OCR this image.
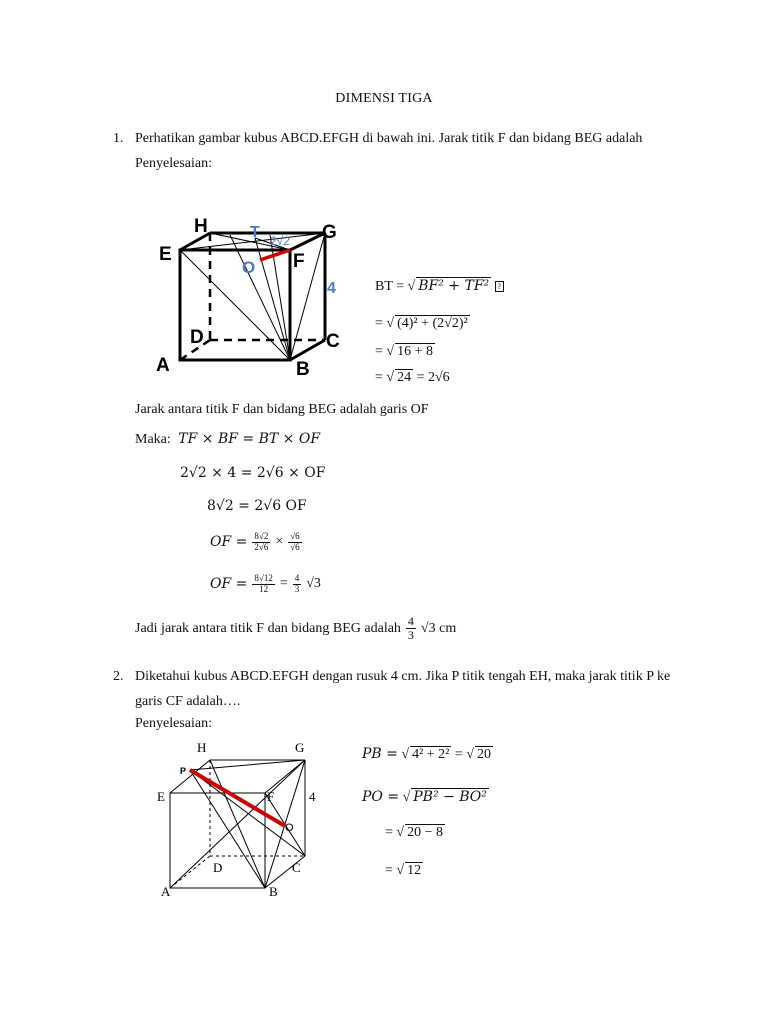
DIMENSI TIGA
1. Perhatikan gambar kubus ABCD.EFGH di bawah ini. Jarak titik F dan bidang BEG adalah
Penyelesaian:
H	G
E	F
D	C
A	B
T
O
2√2
4	BT = √ BF² + TF² ?
= √ (4)² + (2√2)²
= √ 16 + 8
= √ 24 = 2√6
Jarak antara titik F dan bidang BEG adalah garis OF
Maka: TF × BF = BT × OF
2√2 × 4 = 2√6 × OF
8√2 = 2√6 OF
OF = $\frac{8√2}{2√6} \times \frac{√6}{√6}$
OF = $\frac{8√12}{12} = \frac{4}{3} √3$
Jadi jarak antara titik F dan bidang BEG adalah $\frac{4}{3} √3$ cm
2. Diketahui kubus ABCD.EFGH dengan rusuk 4 cm. Jika P titik tengah EH, maka jarak titik P ke
garis CF adalah….
Penyelesaian:
H	G
P
E	F	4
O
D	C
A	B
PB = √ 4² + 2² = √ 20
PO = √ PB² − BO²
= √ 20 − 8
= √ 12
